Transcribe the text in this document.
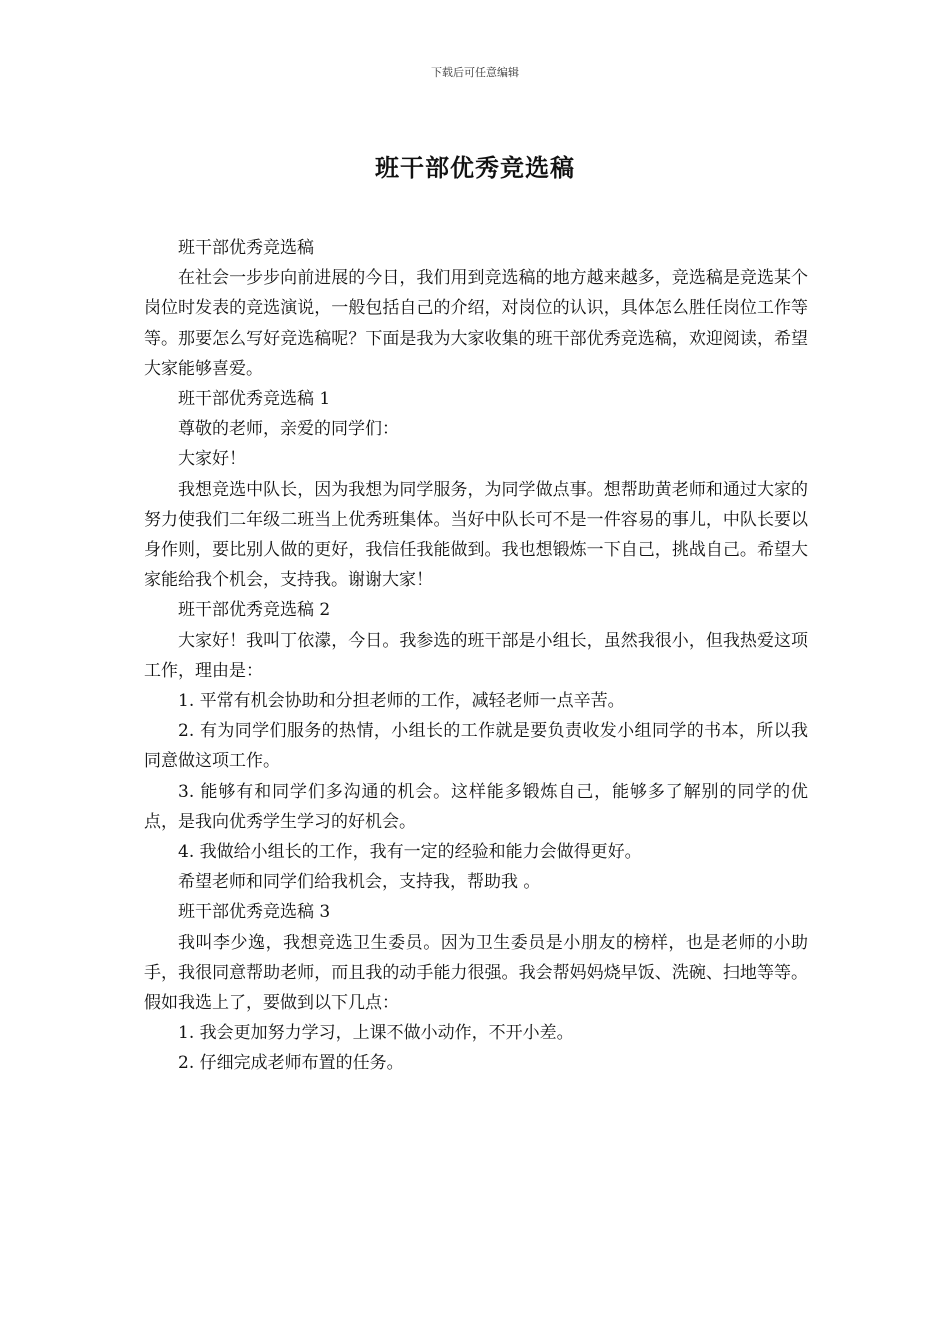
下载后可任意编辑
班干部优秀竞选稿

班干部优秀竞选稿

在社会一步步向前进展的今日，我们用到竞选稿的地方越来越多，竞选稿是竞选某个岗位时发表的竞选演说，一般包括自己的介绍，对岗位的认识，具体怎么胜任岗位工作等等。那要怎么写好竞选稿呢？下面是我为大家收集的班干部优秀竞选稿，欢迎阅读，希望大家能够喜爱。

班干部优秀竞选稿 1

尊敬的老师，亲爱的同学们：

大家好！

我想竞选中队长，因为我想为同学服务，为同学做点事。想帮助黄老师和通过大家的努力使我们二年级二班当上优秀班集体。当好中队长可不是一件容易的事儿，中队长要以身作则，要比别人做的更好，我信任我能做到。我也想锻炼一下自己，挑战自己。希望大家能给我个机会，支持我。谢谢大家！

班干部优秀竞选稿 2

大家好！我叫丁依濛，今日。我参选的班干部是小组长，虽然我很小，但我热爱这项工作，理由是：

1. 平常有机会协助和分担老师的工作，减轻老师一点辛苦。

2. 有为同学们服务的热情，小组长的工作就是要负责收发小组同学的书本，所以我同意做这项工作。

3. 能够有和同学们多沟通的机会。这样能多锻炼自己，能够多了解别的同学的优点，是我向优秀学生学习的好机会。

4. 我做给小组长的工作，我有一定的经验和能力会做得更好。

希望老师和同学们给我机会，支持我，帮助我 。

班干部优秀竞选稿 3

我叫李少逸，我想竞选卫生委员。因为卫生委员是小朋友的榜样，也是老师的小助手，我很同意帮助老师，而且我的动手能力很强。我会帮妈妈烧早饭、洗碗、扫地等等。假如我选上了，要做到以下几点：

1. 我会更加努力学习，上课不做小动作，不开小差。

2. 仔细完成老师布置的任务。
